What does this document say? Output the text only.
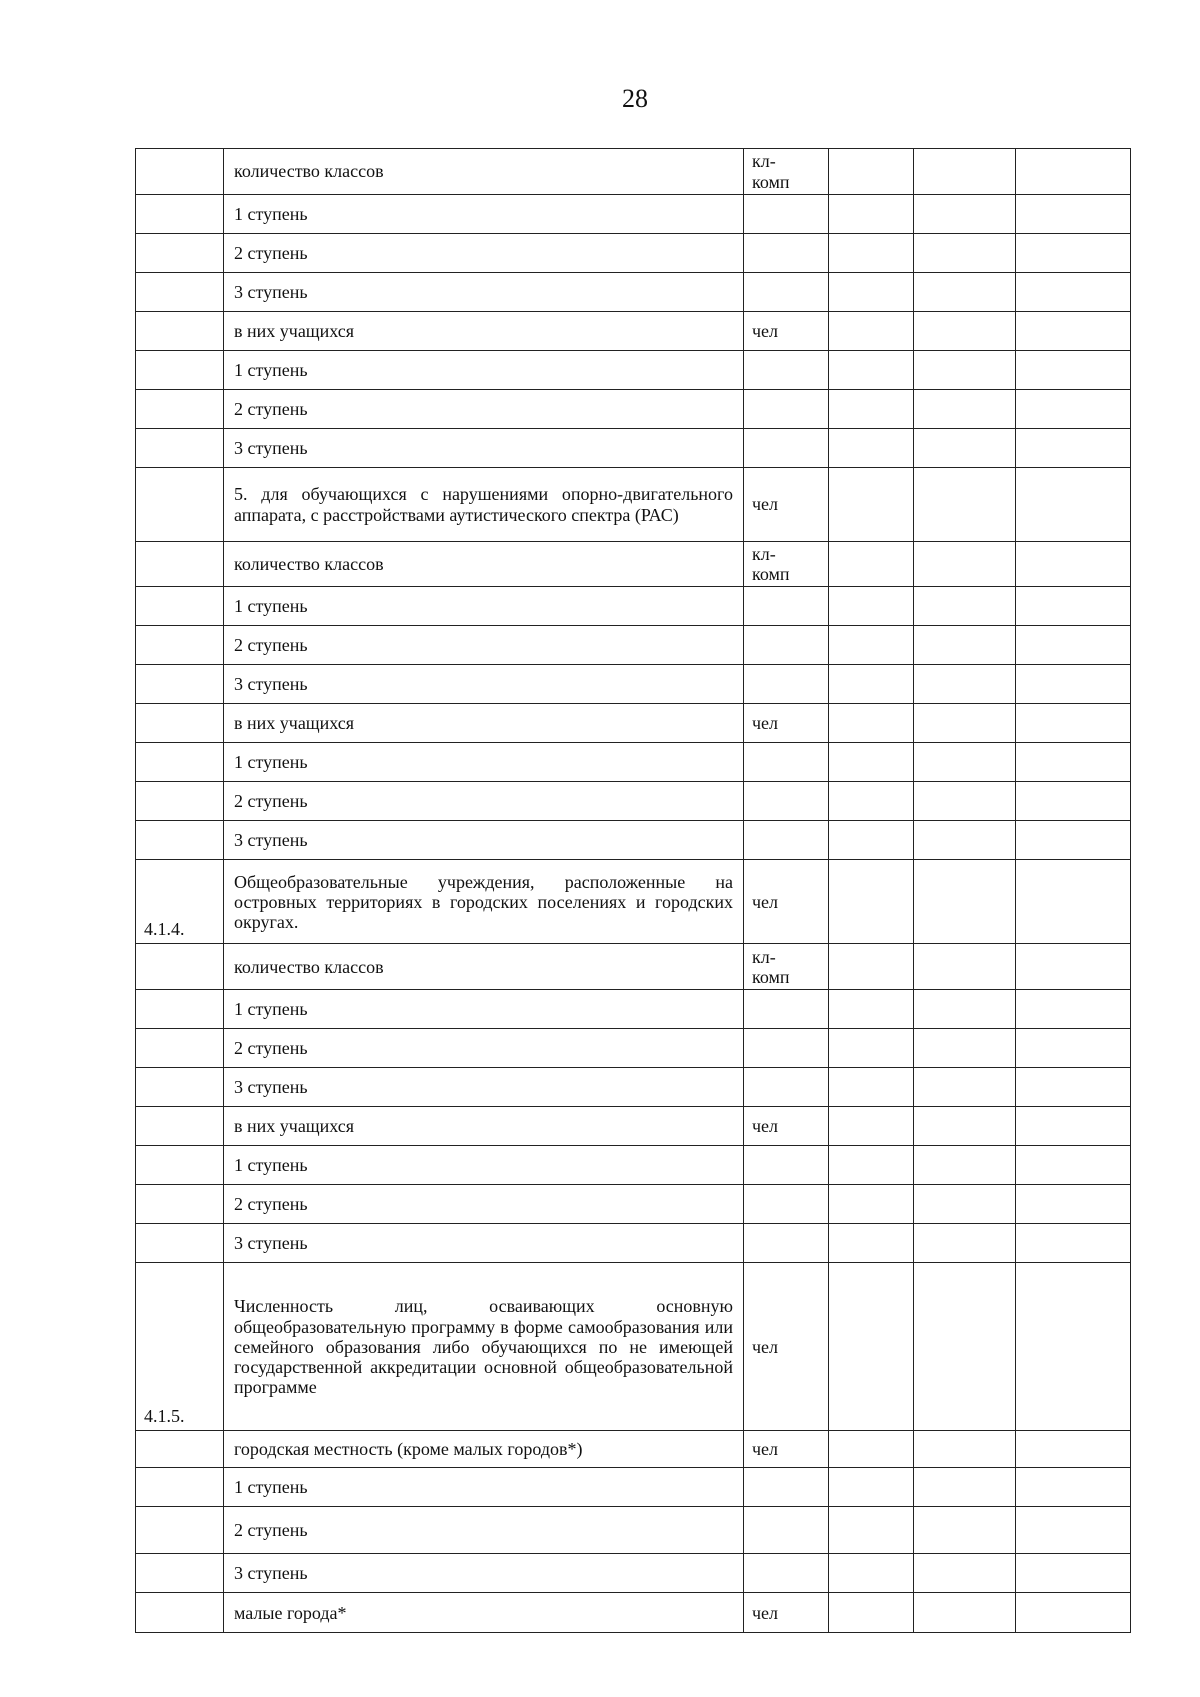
28
	количество классов	кл-
комп			
	1 ступень				
	2 ступень				
	3 ступень				
	в них учащихся	чел			
	1 ступень				
	2 ступень				
	3 ступень				
	5. для обучающихся с нарушениями опорно-двигательного аппарата, с расстройствами аутистического спектра (РАС)	чел			
	количество классов	кл-
комп			
	1 ступень				
	2 ступень				
	3 ступень				
	в них учащихся	чел			
	1 ступень				
	2 ступень				
	3 ступень				
4.1.4.	Общеобразовательные учреждения, расположенные на островных территориях в городских поселениях и городских округах.	чел			
	количество классов	кл-
комп			
	1 ступень				
	2 ступень				
	3 ступень				
	в них учащихся	чел			
	1 ступень				
	2 ступень				
	3 ступень				
4.1.5.	Численность лиц, осваивающих основную общеобразовательную программу в форме самообразования или семейного образования либо обучающихся по не имеющей государственной аккредитации основной общеобразовательной программе	чел			
	городская местность (кроме малых городов*)	чел			
	1 ступень				
	2 ступень				
	3 ступень				
	малые города*	чел			
